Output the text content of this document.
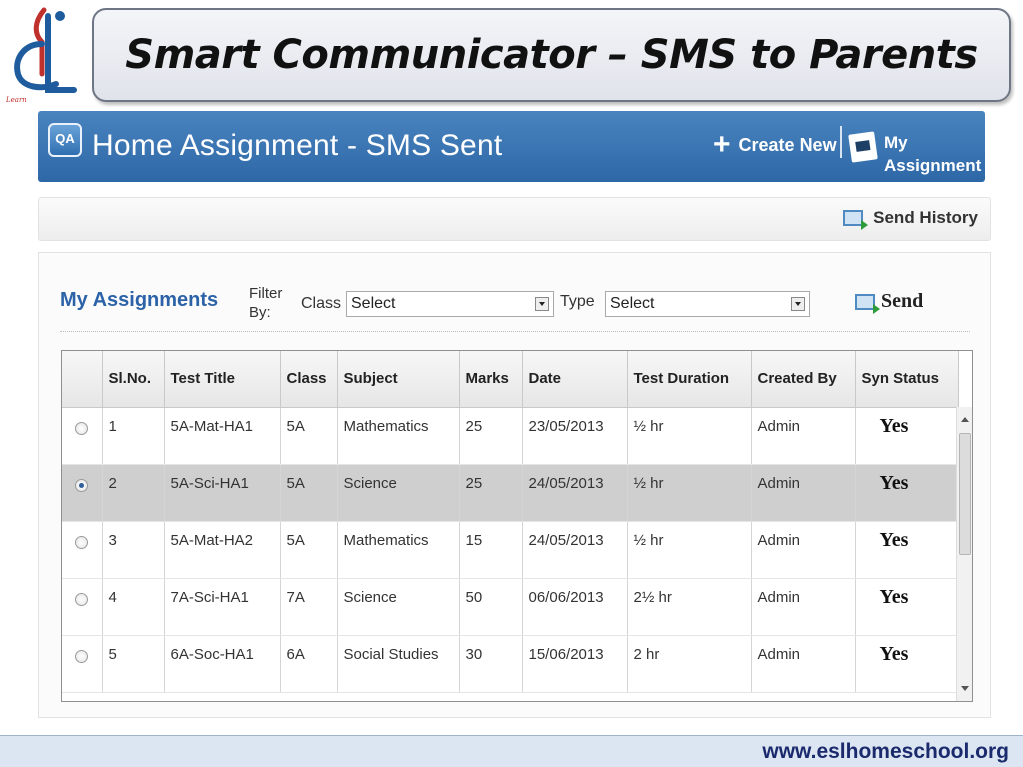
Learn
Smart Communicator – SMS to Parents
QA Home Assignment - SMS Sent	+ Create New	My Assignment
Send History
My Assignments Filter By:
Class Select	Type Select	Send
	Sl.No.	Test Title	Class	Subject	Marks	Date	Test Duration	Created By	Syn Status
	1	5A-Mat-HA1	5A	Mathematics	25	23/05/2013	½ hr	Admin	Yes
	2	5A-Sci-HA1	5A	Science	25	24/05/2013	½ hr	Admin	Yes
	3	5A-Mat-HA2	5A	Mathematics	15	24/05/2013	½ hr	Admin	Yes
	4	7A-Sci-HA1	7A	Science	50	06/06/2013	2½ hr	Admin	Yes
	5	6A-Soc-HA1	6A	Social Studies	30	15/06/2013	2 hr	Admin	Yes
www.eslhomeschool.org
